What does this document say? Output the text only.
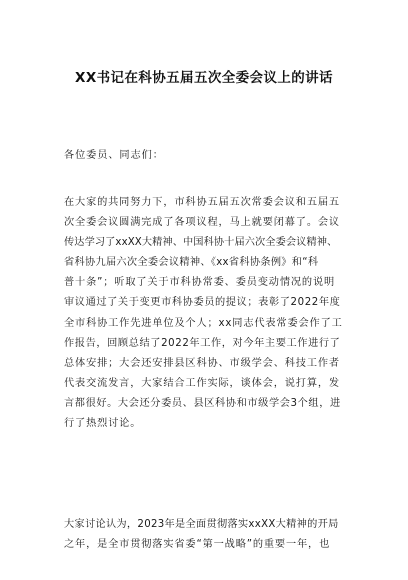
XX书记在科协五届五次全委会议上的讲话
各位委员、同志们：
在大家的共同努力下，市科协五届五次常委会议和五届五
次全委会议圆满完成了各项议程，马上就要闭幕了。会议
传达学习了xxXX大精神、中国科协十届六次全委会议精神、
省科协九届六次全委会议精神、《xx省科协条例》和“科
普十条”；听取了关于市科协常委、委员变动情况的说明
审议通过了关于变更市科协委员的提议；表彰了2022年度
全市科协工作先进单位及个人；xx同志代表常委会作了工
作报告，回顾总结了2022年工作，对今年主要工作进行了
总体安排；大会还安排县区科协、市级学会、科技工作者
代表交流发言，大家结合工作实际，谈体会，说打算，发
言都很好。大会还分委员、县区科协和市级学会3个组，进
行了热烈讨论。
大家讨论认为，2023年是全面贯彻落实xxXX大精神的开局
之年，是全市贯彻落实省委“第一战略”的重要一年，也
